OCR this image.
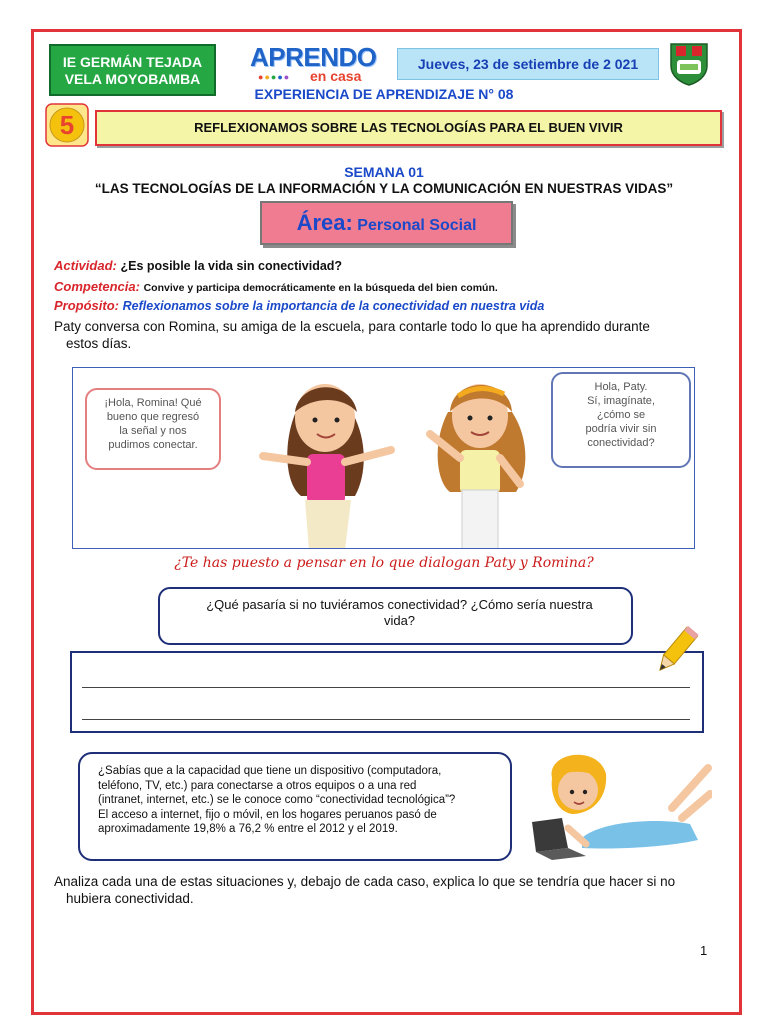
IE GERMÁN TEJADA
VELA MOYOBAMBA
APRENDO
●●●●● en casa
Jueves, 23 de setiembre de 2 021
EXPERIENCIA DE APRENDIZAJE N° 08
5	REFLEXIONAMOS SOBRE LAS TECNOLOGÍAS PARA EL BUEN VIVIR
SEMANA 01
“LAS TECNOLOGÍAS DE LA INFORMACIÓN Y LA COMUNICACIÓN EN NUESTRAS VIDAS”
Área: Personal Social
Actividad: ¿Es posible la vida sin conectividad?
Competencia: Convive y participa democráticamente en la búsqueda del bien común.
Propósito: Reflexionamos sobre la importancia de la conectividad en nuestra vida
Paty conversa con Romina, su amiga de la escuela, para contarle todo lo que ha aprendido durante
estos días.
¡Hola, Romina! Qué
bueno que regresó
la señal y nos
pudimos conectar.
Hola, Paty.
Sí, imagínate,
¿cómo se
podría vivir sin
conectividad?
¿Te has puesto a pensar en lo que dialogan Paty y Romina?
¿Qué pasaría si no tuviéramos conectividad? ¿Cómo sería nuestra
vida?
¿Sabías que a la capacidad que tiene un dispositivo (computadora,
teléfono, TV, etc.) para conectarse a otros equipos o a una red
(intranet, internet, etc.) se le conoce como “conectividad tecnológica”?
El acceso a internet, fijo o móvil, en los hogares peruanos pasó de
aproximadamente 19,8% a 76,2 % entre el 2012 y el 2019.
Analiza cada una de estas situaciones y, debajo de cada caso, explica lo que se tendría que hacer si no
hubiera conectividad.
1
